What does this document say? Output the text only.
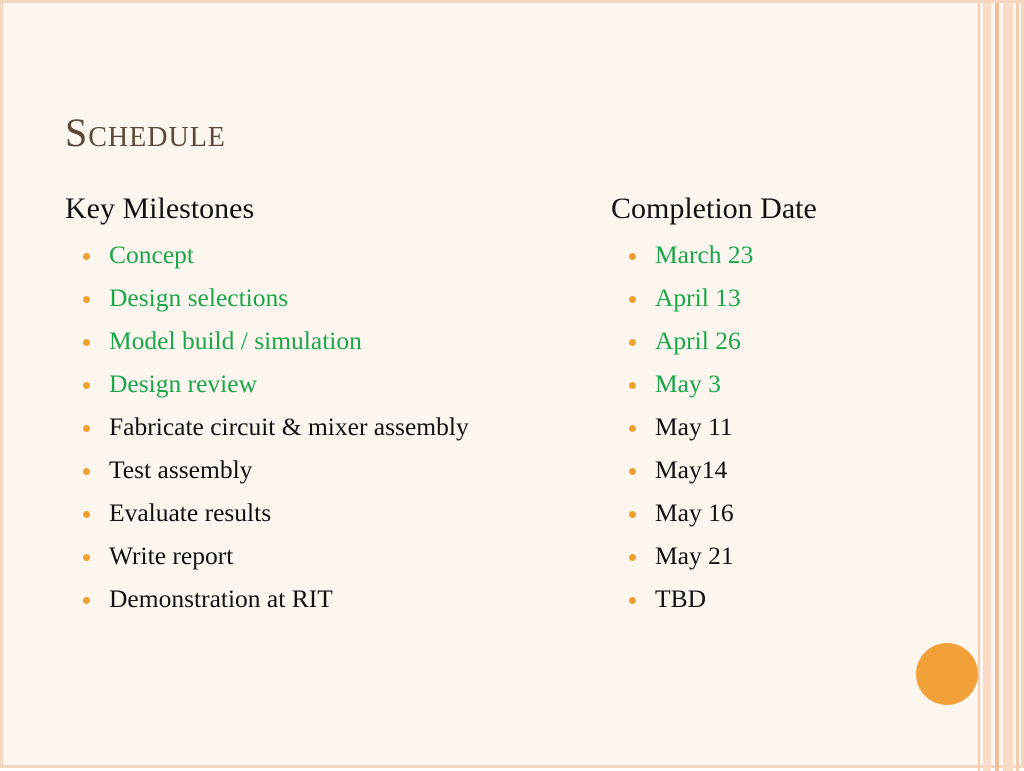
Schedule
Key Milestones
Concept
Design selections
Model build / simulation
Design review
Fabricate circuit & mixer assembly
Test assembly
Evaluate results
Write report
Demonstration at RIT
Completion Date
March 23
April 13
April 26
May 3
May 11
May14
May 16
May 21
TBD
